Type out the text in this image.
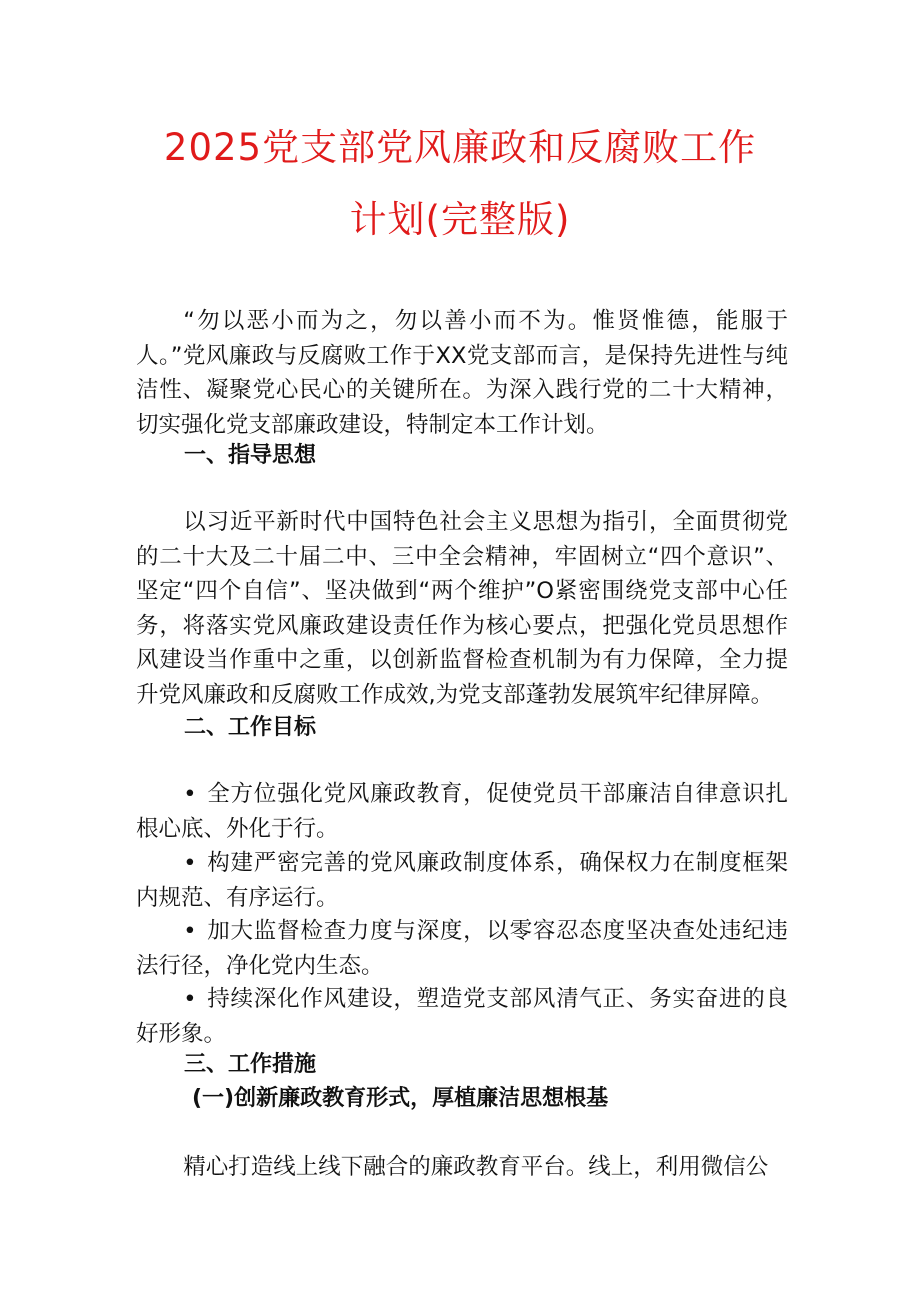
2025党支部党风廉政和反腐败工作
计划(完整版)

“勿以恶小而为之，勿以善小而不为。惟贤惟德，能服于人。”党风廉政与反腐败工作于XX党支部而言，是保持先进性与纯洁性、凝聚党心民心的关键所在。为深入践行党的二十大精神，切实强化党支部廉政建设，特制定本工作计划。

一、指导思想

以习近平新时代中国特色社会主义思想为指引，全面贯彻党的二十大及二十届二中、三中全会精神，牢固树立“四个意识”、坚定“四个自信”、坚决做到“两个维护”O紧密围绕党支部中心任务，将落实党风廉政建设责任作为核心要点，把强化党员思想作风建设当作重中之重，以创新监督检查机制为有力保障，全力提升党风廉政和反腐败工作成效,为党支部蓬勃发展筑牢纪律屏障。

二、工作目标

• 全方位强化党风廉政教育，促使党员干部廉洁自律意识扎根心底、外化于行。

• 构建严密完善的党风廉政制度体系，确保权力在制度框架内规范、有序运行。

• 加大监督检查力度与深度，以零容忍态度坚决查处违纪违法行径，净化党内生态。

• 持续深化作风建设，塑造党支部风清气正、务实奋进的良好形象。

三、工作措施
(一)创新廉政教育形式，厚植廉洁思想根基

精心打造线上线下融合的廉政教育平台。线上，利用微信公
